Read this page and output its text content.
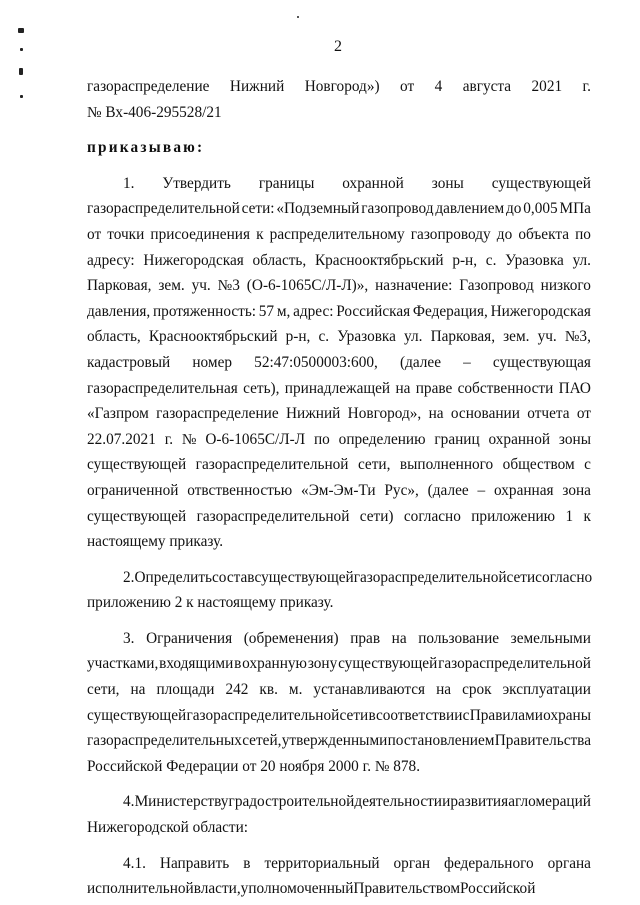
2
газораспределение Нижний Новгород») от 4 августа 2021 г.
№ Вх-406-295528/21
приказываю:
1. Утвердить границы охранной зоны существующей
газораспределительной сети: «Подземный газопровод давлением до 0,005 МПа
от точки присоединения к распределительному газопроводу до объекта по
адресу: Нижегородская область, Краснооктябрьский р-н, с. Уразовка ул.
Парковая, зем. уч. №3 (О-6-1065С/Л-Л)», назначение: Газопровод низкого
давления, протяженность: 57 м, адрес: Российская Федерация, Нижегородская
область, Краснооктябрьский р-н, с. Уразовка ул. Парковая, зем. уч. №3,
кадастровый номер 52:47:0500003:600, (далее – существующая
газораспределительная сеть), принадлежащей на праве собственности ПАО
«Газпром газораспределение Нижний Новгород», на основании отчета от
22.07.2021 г. № О-6-1065С/Л-Л по определению границ охранной зоны
существующей газораспределительной сети, выполненного обществом с
ограниченной отвственностью «Эм-Эм-Ти Рус», (далее – охранная зона
существующей газораспределительной сети) согласно приложению 1 к
настоящему приказу.
2. Определить состав существующей газораспределительной сети согласно
приложению 2 к настоящему приказу.
3. Ограничения (обременения) прав на пользование земельными
участками, входящими в охранную зону существующей газораспределительной
сети, на площади 242 кв. м. устанавливаются на срок эксплуатации
существующей газораспределительной сети в соответствии с Правилами охраны
газораспределительных сетей, утвержденными постановлением Правительства
Российской Федерации от 20 ноября 2000 г. № 878.
4. Министерству градостроительной деятельности и развития агломераций
Нижегородской области:
4.1. Направить в территориальный орган федерального органа
исполнительной власти, уполномоченный Правительством Российской
